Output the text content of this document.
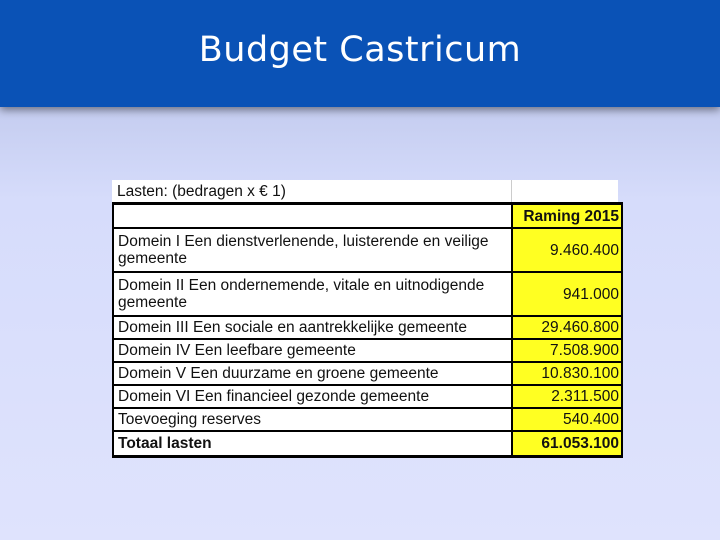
Budget Castricum
Lasten: (bedragen x € 1)	
	Raming 2015
Domein I Een dienstverlenende, luisterende en veilige gemeente	9.460.400
Domein II Een ondernemende, vitale en uitnodigende gemeente	941.000
Domein III Een sociale en aantrekkelijke gemeente	29.460.800
Domein IV Een leefbare gemeente	7.508.900
Domein V Een duurzame en groene gemeente	10.830.100
Domein VI Een financieel gezonde gemeente	2.311.500
Toevoeging reserves	540.400
Totaal lasten	61.053.100
